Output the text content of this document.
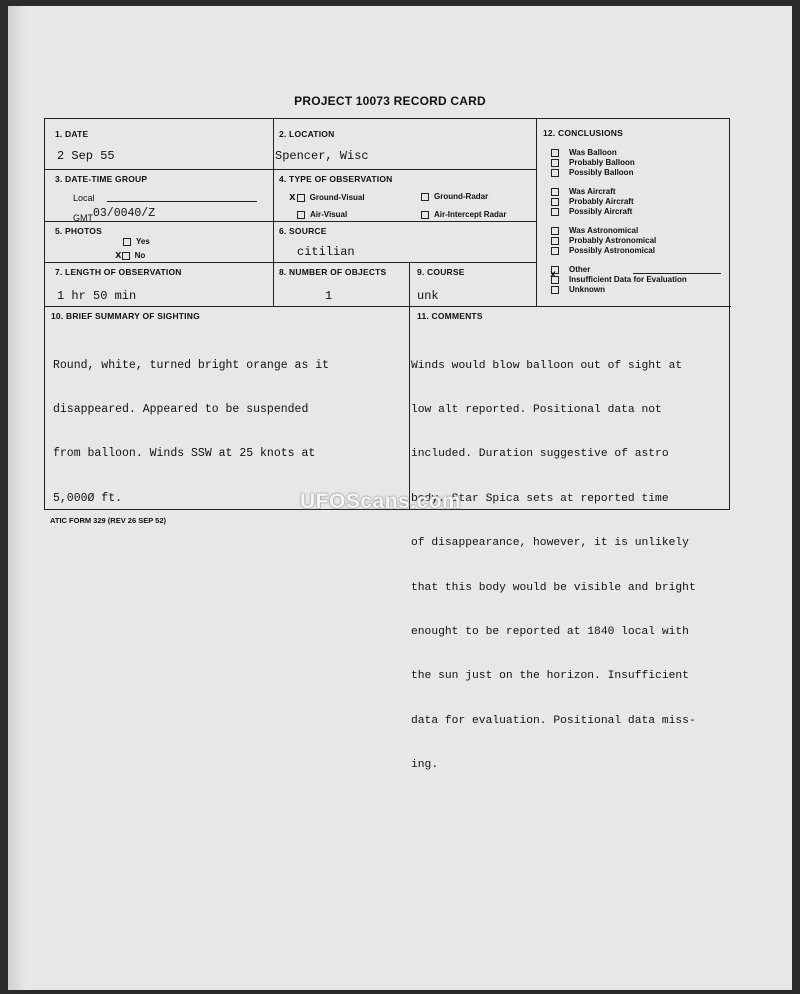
PROJECT 10073 RECORD CARD
1. DATE
2 Sep 55
2. LOCATION
Spencer, Wisc
3. DATE-TIME GROUP
Local
GMT 03/0040/Z
4. TYPE OF OBSERVATION
x Ground-Visual	Ground-Radar
Air-Visual	Air-Intercept Radar
5. PHOTOS
Yes
x No
6. SOURCE
citilian
7. LENGTH OF OBSERVATION
1 hr 50 min
8. NUMBER OF OBJECTS
1
9. COURSE
unk
10. BRIEF SUMMARY OF SIGHTING

Round, white, turned bright orange as it

disappeared. Appeared to be suspended

from balloon. Winds SSW at 25 knots at

5,000Ø ft.

11. COMMENTS

Winds would blow balloon out of sight at

low alt reported. Positional data not

included. Duration suggestive of astro

body. Star Spica sets at reported time

of disappearance, however, it is unlikely

that this body would be visible and bright

enought to be reported at 1840 local with

the sun just on the horizon. Insufficient

data for evaluation. Positional data miss-

ing.

12. CONCLUSIONS
Was Balloon
Probably Balloon
Possibly Balloon
Was Aircraft
Probably Aircraft
Possibly Aircraft
Was Astronomical
Probably Astronomical
Possibly Astronomical
Other
x Insufficient Data for Evaluation
Unknown
ATIC FORM 329 (REV 26 SEP 52)
UFOScans.com
